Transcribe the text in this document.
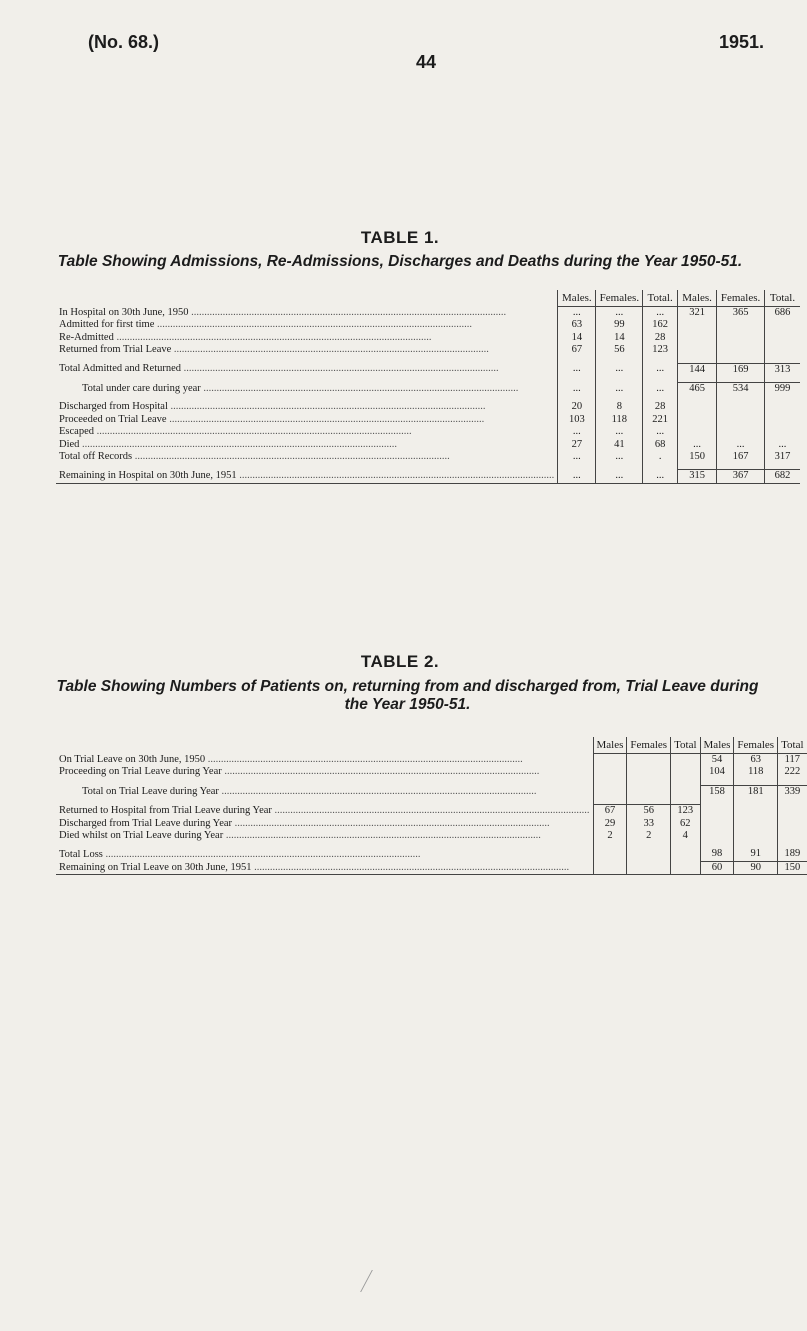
(No. 68.)
44
1951.
TABLE 1.
Table Showing Admissions, Re-Admissions, Discharges and Deaths during the Year 1950-51.
	Males.	Females.	Total.	Males.	Females.	Total.
In Hospital on 30th June, 1950 ........................................................................................................................	...	...	...	321	365	686
Admitted for first time ........................................................................................................................	63	99	162			
Re-Admitted ........................................................................................................................	14	14	28			
Returned from Trial Leave ........................................................................................................................	67	56	123			

Total Admitted and Returned ........................................................................................................................	...	...	...	144	169	313

Total under care during year ........................................................................................................................	...	...	...	465	534	999

Discharged from Hospital ........................................................................................................................	20	8	28			
Proceeded on Trial Leave ........................................................................................................................	103	118	221			
Escaped ........................................................................................................................	...	...	...			
Died ........................................................................................................................	27	41	68	...	...	...
Total off Records ........................................................................................................................	...	...	.	150	167	317

Remaining in Hospital on 30th June, 1951 ........................................................................................................................	...	...	...	315	367	682
TABLE 2.
Table Showing Numbers of Patients on, returning from and discharged from, Trial Leave during
the Year 1950-51.
	Males	Females	Total	Males	Females	Total
On Trial Leave on 30th June, 1950 ........................................................................................................................				54	63	117
Proceeding on Trial Leave during Year ........................................................................................................................				104	118	222

Total on Trial Leave during Year ........................................................................................................................				158	181	339

Returned to Hospital from Trial Leave during Year ........................................................................................................................	67	56	123			
Discharged from Trial Leave during Year ........................................................................................................................	29	33	62			
Died whilst on Trial Leave during Year ........................................................................................................................	2	2	4			

Total Loss ........................................................................................................................				98	91	189
Remaining on Trial Leave on 30th June, 1951 ........................................................................................................................				60	90	150
